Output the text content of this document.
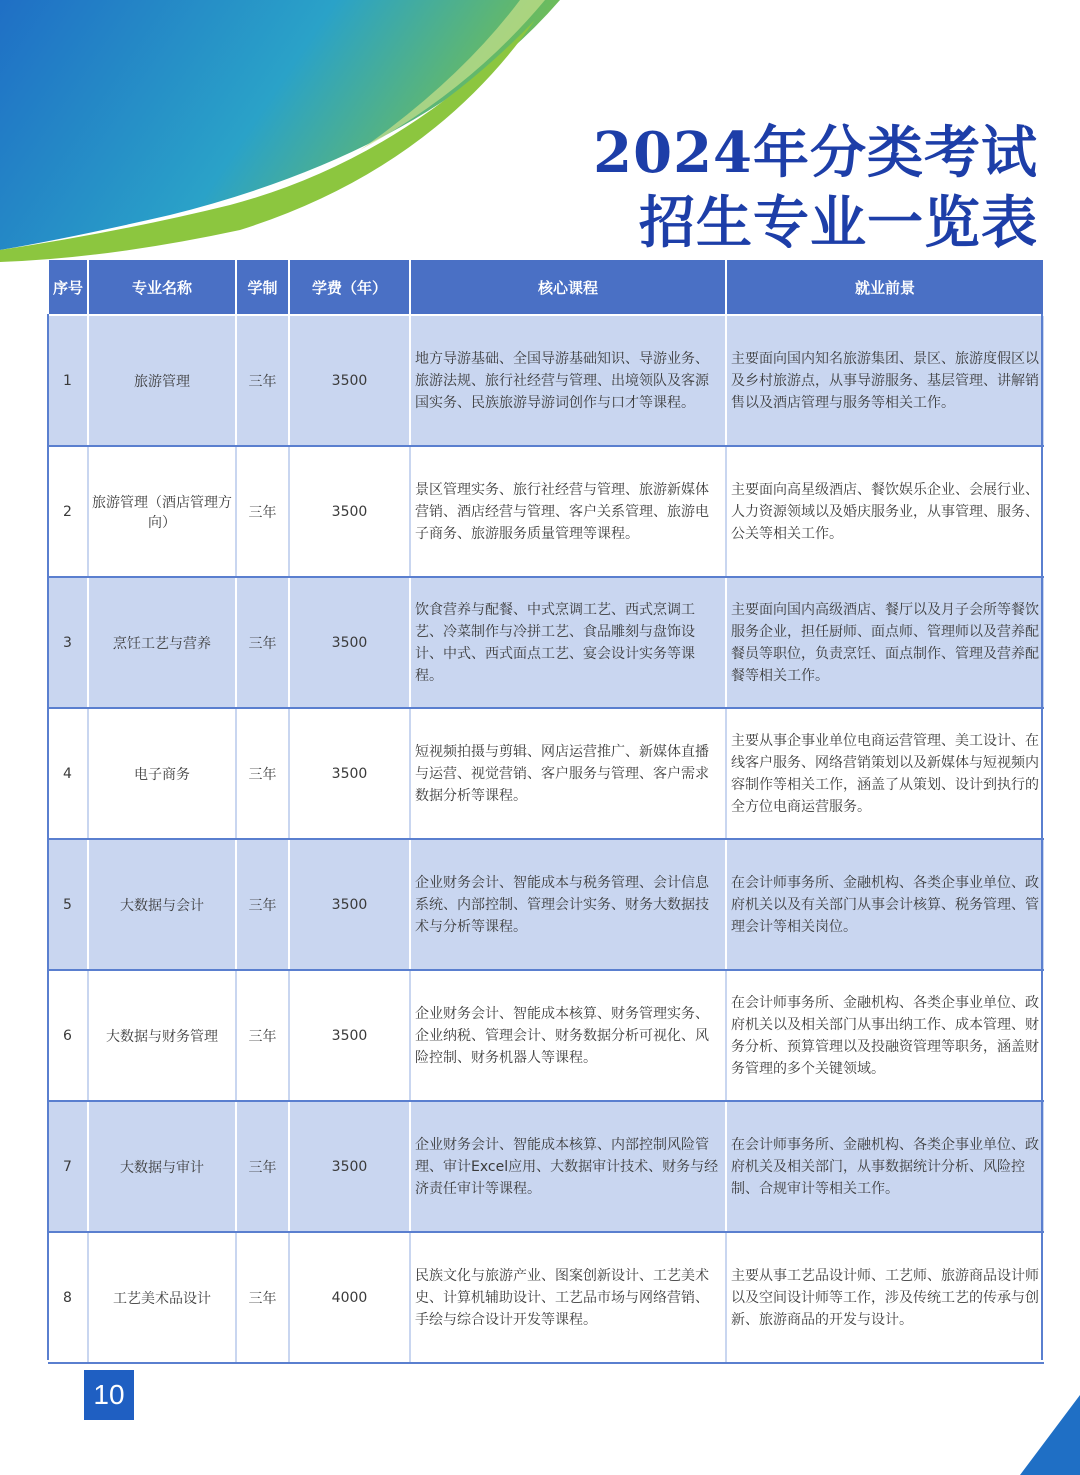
2024年分类考试
招生专业一览表
序号	专业名称	学制	学费（年）	核心课程	就业前景
1	旅游管理	三年	3500	地方导游基础、全国导游基础知识、导游业务、旅游法规、旅行社经营与管理、出境领队及客源国实务、民族旅游导游词创作与口才等课程。	主要面向国内知名旅游集团、景区、旅游度假区以及乡村旅游点，从事导游服务、基层管理、讲解销售以及酒店管理与服务等相关工作。
2	旅游管理（酒店管理方向）	三年	3500	景区管理实务、旅行社经营与管理、旅游新媒体营销、酒店经营与管理、客户关系管理、旅游电子商务、旅游服务质量管理等课程。	主要面向高星级酒店、餐饮娱乐企业、会展行业、人力资源领域以及婚庆服务业，从事管理、服务、公关等相关工作。
3	烹饪工艺与营养	三年	3500	饮食营养与配餐、中式烹调工艺、西式烹调工艺、冷菜制作与冷拼工艺、食品雕刻与盘饰设计、中式、西式面点工艺、宴会设计实务等课程。	主要面向国内高级酒店、餐厅以及月子会所等餐饮服务企业，担任厨师、面点师、管理师以及营养配餐员等职位，负责烹饪、面点制作、管理及营养配餐等相关工作。
4	电子商务	三年	3500	短视频拍摄与剪辑、网店运营推广、新媒体直播与运营、视觉营销、客户服务与管理、客户需求数据分析等课程。	主要从事企事业单位电商运营管理、美工设计、在线客户服务、网络营销策划以及新媒体与短视频内容制作等相关工作，涵盖了从策划、设计到执行的全方位电商运营服务。
5	大数据与会计	三年	3500	企业财务会计、智能成本与税务管理、会计信息系统、内部控制、管理会计实务、财务大数据技术与分析等课程。	在会计师事务所、金融机构、各类企事业单位、政府机关以及有关部门从事会计核算、税务管理、管理会计等相关岗位。
6	大数据与财务管理	三年	3500	企业财务会计、智能成本核算、财务管理实务、企业纳税、管理会计、财务数据分析可视化、风险控制、财务机器人等课程。	在会计师事务所、金融机构、各类企事业单位、政府机关以及相关部门从事出纳工作、成本管理、财务分析、预算管理以及投融资管理等职务，涵盖财务管理的多个关键领域。
7	大数据与审计	三年	3500	企业财务会计、智能成本核算、内部控制风险管理、审计Excel应用、大数据审计技术、财务与经济责任审计等课程。	在会计师事务所、金融机构、各类企事业单位、政府机关及相关部门，从事数据统计分析、风险控制、合规审计等相关工作。
8	工艺美术品设计	三年	4000	民族文化与旅游产业、图案创新设计、工艺美术史、计算机辅助设计、工艺品市场与网络营销、手绘与综合设计开发等课程。	主要从事工艺品设计师、工艺师、旅游商品设计师以及空间设计师等工作，涉及传统工艺的传承与创新、旅游商品的开发与设计。
10
